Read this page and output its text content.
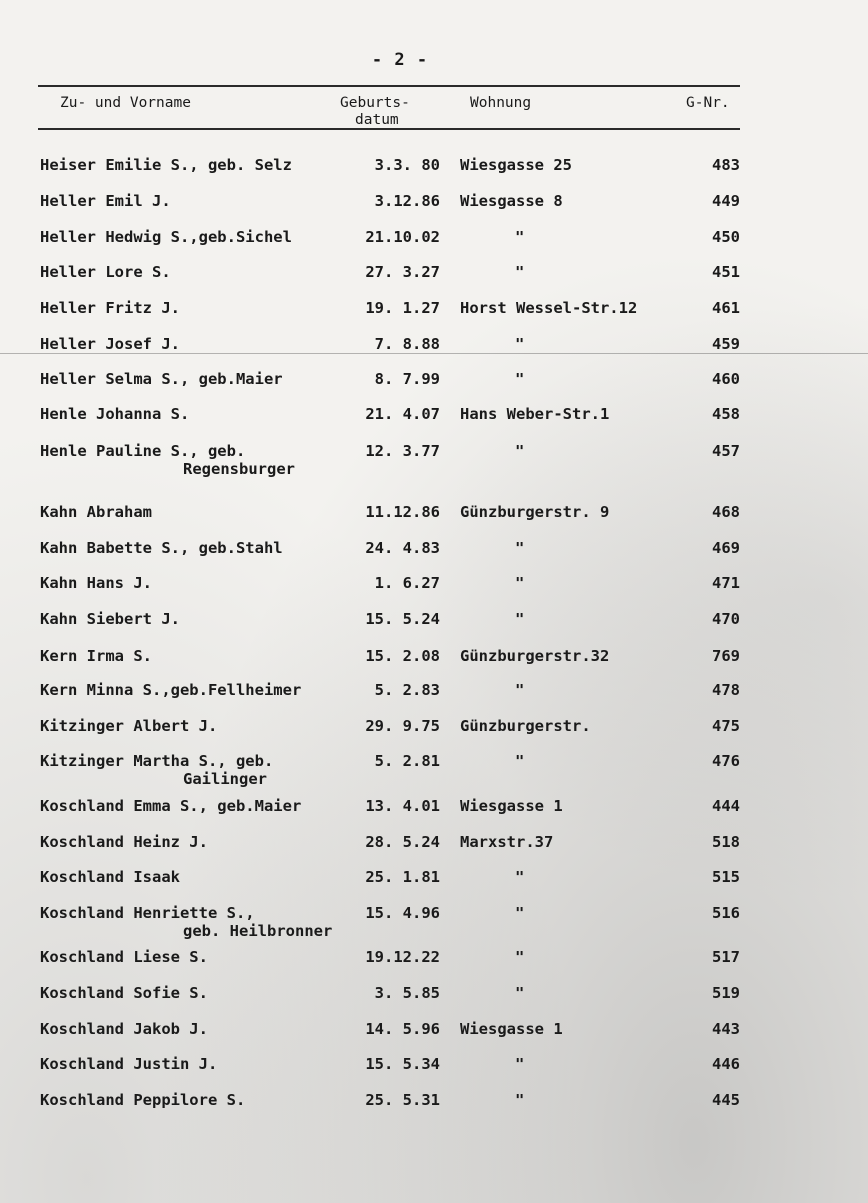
- 2 -
Zu- und Vorname	Geburts-
datum
Wohnung	G-Nr.
Heiser Emilie S., geb. Selz	3.3. 80 Wiesgasse 25	483
Heller Emil J.	3.12.86 Wiesgasse 8	449
Heller Hedwig S.,geb.Sichel	21.10.02	"	450
Heller Lore S.	27. 3.27	"	451
Heller Fritz J.	19. 1.27 Horst Wessel-Str.12	461
Heller Josef J.	7. 8.88	"	459
Heller Selma S., geb.Maier	8. 7.99	"	460
Henle Johanna S.	21. 4.07 Hans Weber-Str.1	458
Henle Pauline S., geb.
Regensburger
12. 3.77	"	457
Kahn Abraham	11.12.86 Günzburgerstr. 9	468
Kahn Babette S., geb.Stahl	24. 4.83	"	469
Kahn Hans J.	1. 6.27	"	471
Kahn Siebert J.	15. 5.24	"	470
Kern Irma S.	15. 2.08 Günzburgerstr.32	769
Kern Minna S.,geb.Fellheimer	5. 2.83	"	478
Kitzinger Albert J.	29. 9.75 Günzburgerstr.	475
Kitzinger Martha S., geb.
Gailinger
5. 2.81	"	476
Koschland Emma S., geb.Maier	13. 4.01 Wiesgasse 1	444
Koschland Heinz J.	28. 5.24 Marxstr.37	518
Koschland Isaak	25. 1.81	"	515
Koschland Henriette S.,
geb. Heilbronner
15. 4.96	"	516
Koschland Liese S.	19.12.22	"	517
Koschland Sofie S.	3. 5.85	"	519
Koschland Jakob J.	14. 5.96 Wiesgasse 1	443
Koschland Justin J.	15. 5.34	"	446
Koschland Peppilore S.	25. 5.31	"	445
